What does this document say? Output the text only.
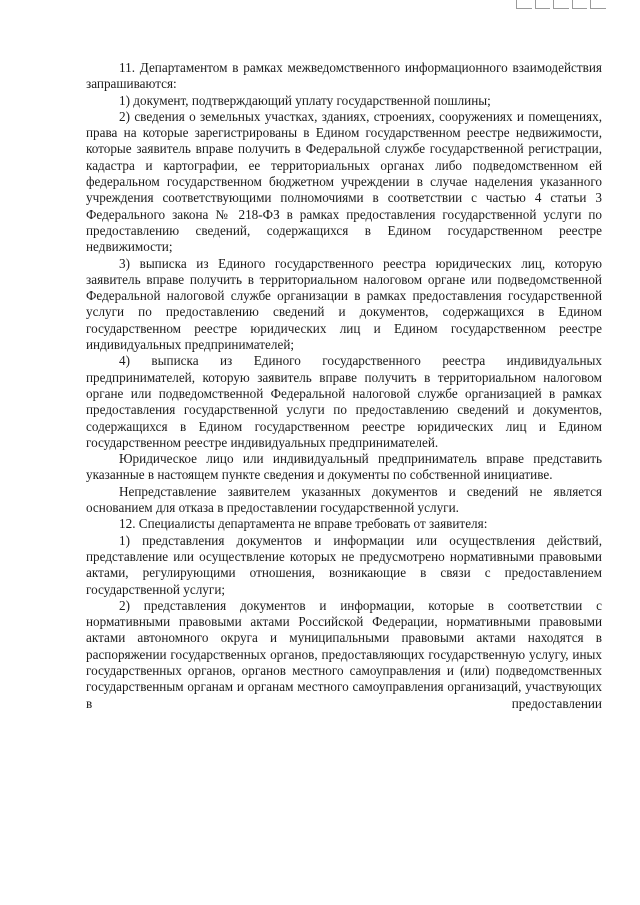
11. Департаментом в рамках межведомственного информационного взаимодействия запрашиваются:

1) документ, подтверждающий уплату государственной пошлины;

2) сведения о земельных участках, зданиях, строениях, сооружениях и помещениях, права на которые зарегистрированы в Едином государственном реестре недвижимости, которые заявитель вправе получить в Федеральной службе государственной регистрации, кадастра и картографии, ее территориальных органах либо подведомственном ей федеральном государственном бюджетном учреждении в случае наделения указанного учреждения соответствующими полномочиями в соответствии с частью 4 статьи 3 Федерального закона № 218-ФЗ в рамках предоставления государственной услуги по предоставлению сведений, содержащихся в Едином государственном реестре недвижимости;

3) выписка из Единого государственного реестра юридических лиц, которую заявитель вправе получить в территориальном налоговом органе или подведомственной Федеральной налоговой службе организации в рамках предоставления государственной услуги по предоставлению сведений и документов, содержащихся в Едином государственном реестре юридических лиц и Едином государственном реестре индивидуальных предпринимателей;

4) выписка из Единого государственного реестра индивидуальных предпринимателей, которую заявитель вправе получить в территориальном налоговом органе или подведомственной Федеральной налоговой службе организацией в рамках предоставления государственной услуги по предоставлению сведений и документов, содержащихся в Едином государственном реестре юридических лиц и Едином государственном реестре индивидуальных предпринимателей.

Юридическое лицо или индивидуальный предприниматель вправе представить указанные в настоящем пункте сведения и документы по собственной инициативе.

Непредставление заявителем указанных документов и сведений не является основанием для отказа в предоставлении государственной услуги.

12. Специалисты департамента не вправе требовать от заявителя:

1) представления документов и информации или осуществления действий, представление или осуществление которых не предусмотрено нормативными правовыми актами, регулирующими отношения, возникающие в связи с предоставлением государственной услуги;

2) представления документов и информации, которые в соответствии с нормативными правовыми актами Российской Федерации, нормативными правовыми актами автономного округа и муниципальными правовыми актами находятся в распоряжении государственных органов, предоставляющих государственную услугу, иных государственных органов, органов местного самоуправления и (или) подведомственных государственным органам и органам местного самоуправления организаций, участвующих в предоставлении
